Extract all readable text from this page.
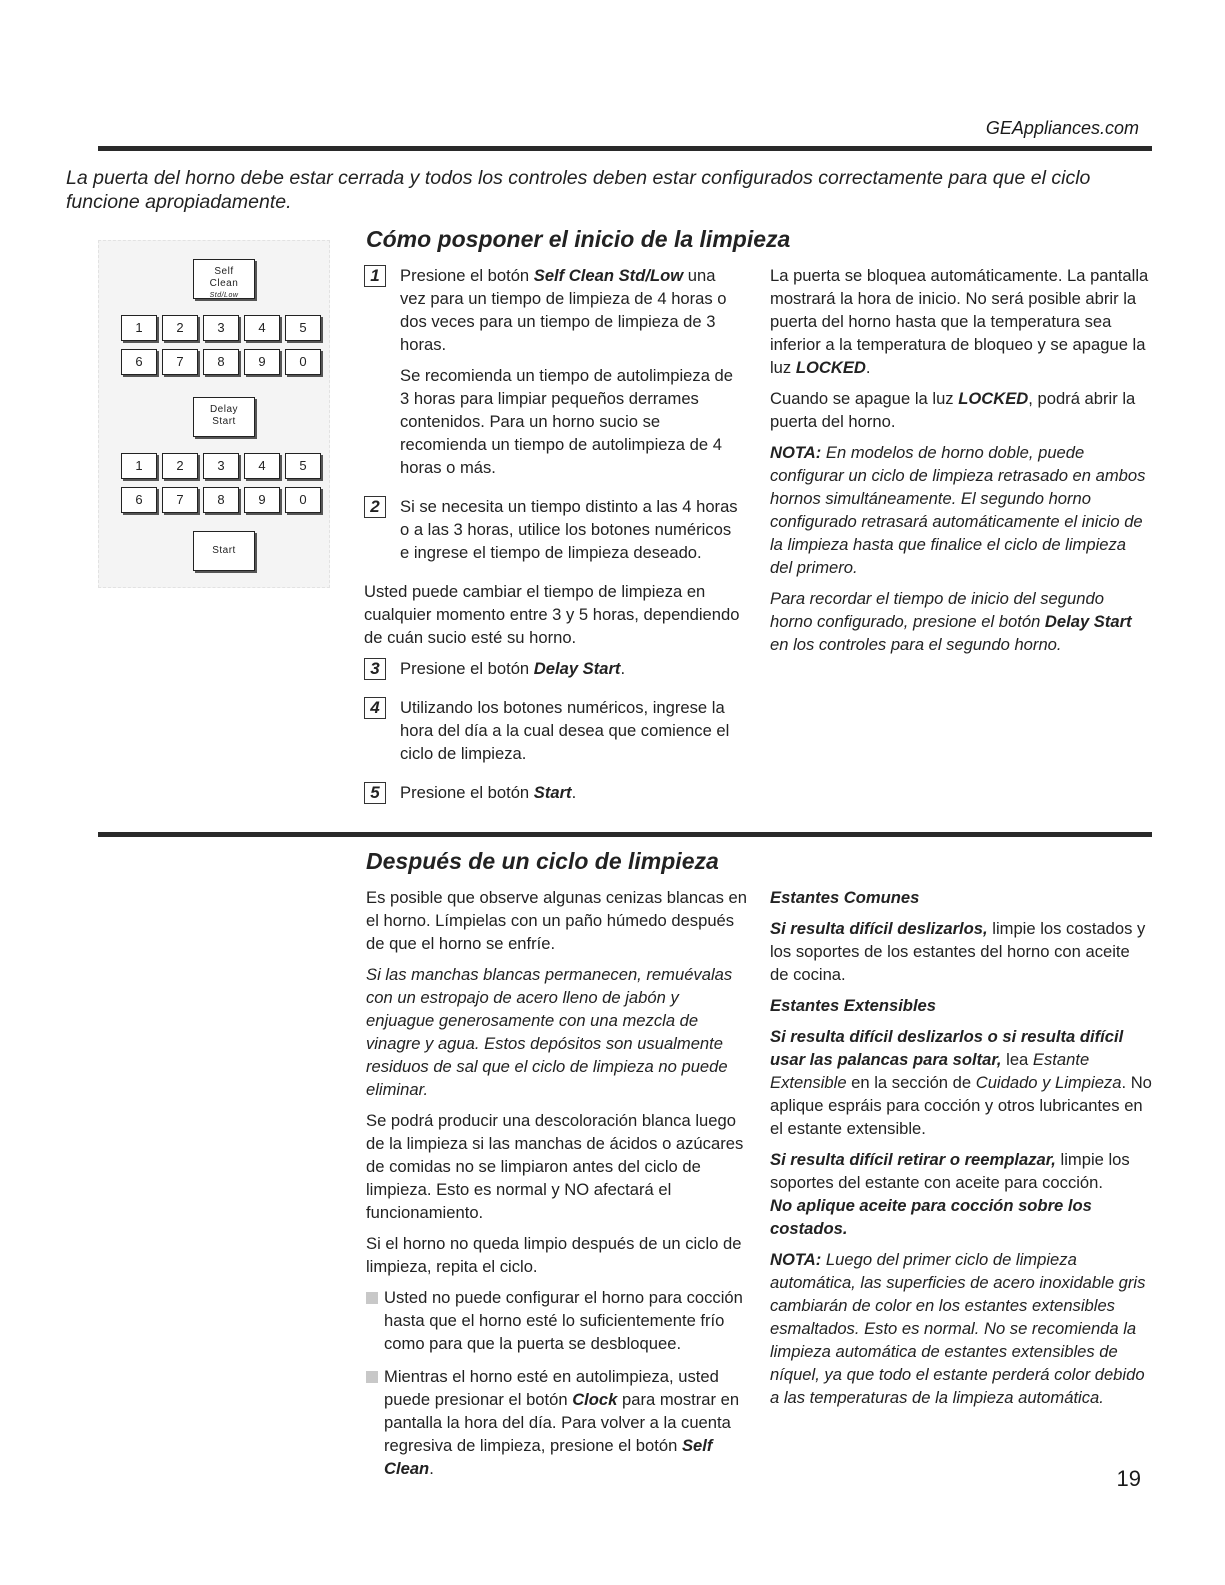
GEAppliances.com
La puerta del horno debe estar cerrada y todos los controles deben estar configurados correctamente para que el ciclo funcione apropiadamente.
Self
Clean
Std/Low
1	2	3	4	5
6	7	8	9	0
Delay
Start
1	2	3	4	5
6	7	8	9	0
Start
Cómo posponer el inicio de la limpieza
1	Presione el botón Self Clean Std/Low una vez para un tiempo de limpieza de 4 horas o dos veces para un tiempo de limpieza de 3 horas.

Se recomienda un tiempo de autolimpieza de 3 horas para limpiar pequeños derrames contenidos. Para un horno sucio se recomienda un tiempo de autolimpieza de 4 horas o más.

2	Si se necesita un tiempo distinto a las 4 horas o a las 3 horas, utilice los botones numéricos e ingrese el tiempo de limpieza deseado.

Usted puede cambiar el tiempo de limpieza en cualquier momento entre 3 y 5 horas, dependiendo de cuán sucio esté su horno.

3	Presione el botón Delay Start.

4	Utilizando los botones numéricos, ingrese la hora del día a la cual desea que comience el ciclo de limpieza.

5	Presione el botón Start.

La puerta se bloquea automáticamente. La pantalla mostrará la hora de inicio. No será posible abrir la puerta del horno hasta que la temperatura sea inferior a la temperatura de bloqueo y se apague la luz LOCKED.

Cuando se apague la luz LOCKED, podrá abrir la puerta del horno.

NOTA: En modelos de horno doble, puede configurar un ciclo de limpieza retrasado en ambos hornos simultáneamente. El segundo horno configurado retrasará automáticamente el inicio de la limpieza hasta que finalice el ciclo de limpieza del primero.

Para recordar el tiempo de inicio del segundo horno configurado, presione el botón Delay Start en los controles para el segundo horno.

Después de un ciclo de limpieza

Es posible que observe algunas cenizas blancas en el horno. Límpielas con un paño húmedo después de que el horno se enfríe.

Si las manchas blancas permanecen, remuévalas con un estropajo de acero lleno de jabón y enjuague generosamente con una mezcla de vinagre y agua. Estos depósitos son usualmente residuos de sal que el ciclo de limpieza no puede eliminar.

Se podrá producir una descoloración blanca luego de la limpieza si las manchas de ácidos o azúcares de comidas no se limpiaron antes del ciclo de limpieza. Esto es normal y NO afectará el funcionamiento.

Si el horno no queda limpio después de un ciclo de limpieza, repita el ciclo.

Usted no puede configurar el horno para cocción hasta que el horno esté lo suficientemente frío como para que la puerta se desbloquee.
Mientras el horno esté en autolimpieza, usted puede presionar el botón Clock para mostrar en pantalla la hora del día. Para volver a la cuenta regresiva de limpieza, presione el botón Self Clean.

Estantes Comunes

Si resulta difícil deslizarlos, limpie los costados y los soportes de los estantes del horno con aceite de cocina.

Estantes Extensibles

Si resulta difícil deslizarlos o si resulta difícil usar las palancas para soltar, lea Estante Extensible en la sección de Cuidado y Limpieza. No aplique espráis para cocción y otros lubricantes en el estante extensible.

Si resulta difícil retirar o reemplazar, limpie los soportes del estante con aceite para cocción.
No aplique aceite para cocción sobre los costados.

NOTA: Luego del primer ciclo de limpieza automática, las superficies de acero inoxidable gris cambiarán de color en los estantes extensibles esmaltados. Esto es normal. No se recomienda la limpieza automática de estantes extensibles de níquel, ya que todo el estante perderá color debido a las temperaturas de la limpieza automática.

19
